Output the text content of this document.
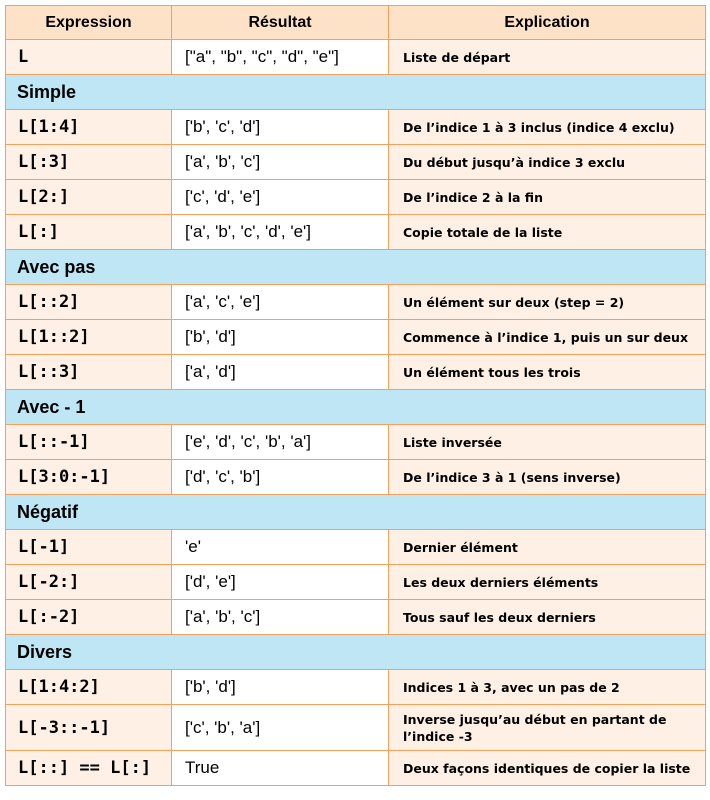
Expression	Résultat	Explication
L	["a", "b", "c", "d", "e"]	Liste de départ
Simple		
L[1:4]	['b', 'c', 'd']	De l’indice 1 à 3 inclus (indice 4 exclu)
L[:3]	['a', 'b', 'c']	Du début jusqu’à indice 3 exclu
L[2:]	['c', 'd', 'e']	De l’indice 2 à la fin
L[:]	['a', 'b', 'c', 'd', 'e']	Copie totale de la liste
Avec pas		
L[::2]	['a', 'c', 'e']	Un élément sur deux (step = 2)
L[1::2]	['b', 'd']	Commence à l’indice 1, puis un sur deux
L[::3]	['a', 'd']	Un élément tous les trois
Avec - 1		
L[::-1]	['e', 'd', 'c', 'b', 'a']	Liste inversée
L[3:0:-1]	['d', 'c', 'b']	De l’indice 3 à 1 (sens inverse)
Négatif		
L[-1]	'e'	Dernier élément
L[-2:]	['d', 'e']	Les deux derniers éléments
L[:-2]	['a', 'b', 'c']	Tous sauf les deux derniers
Divers		
L[1:4:2]	['b', 'd']	Indices 1 à 3, avec un pas de 2
L[-3::-1]	['c', 'b', 'a']	Inverse jusqu’au début en partant de l’indice -3
L[::] == L[:]	True	Deux façons identiques de copier la liste
